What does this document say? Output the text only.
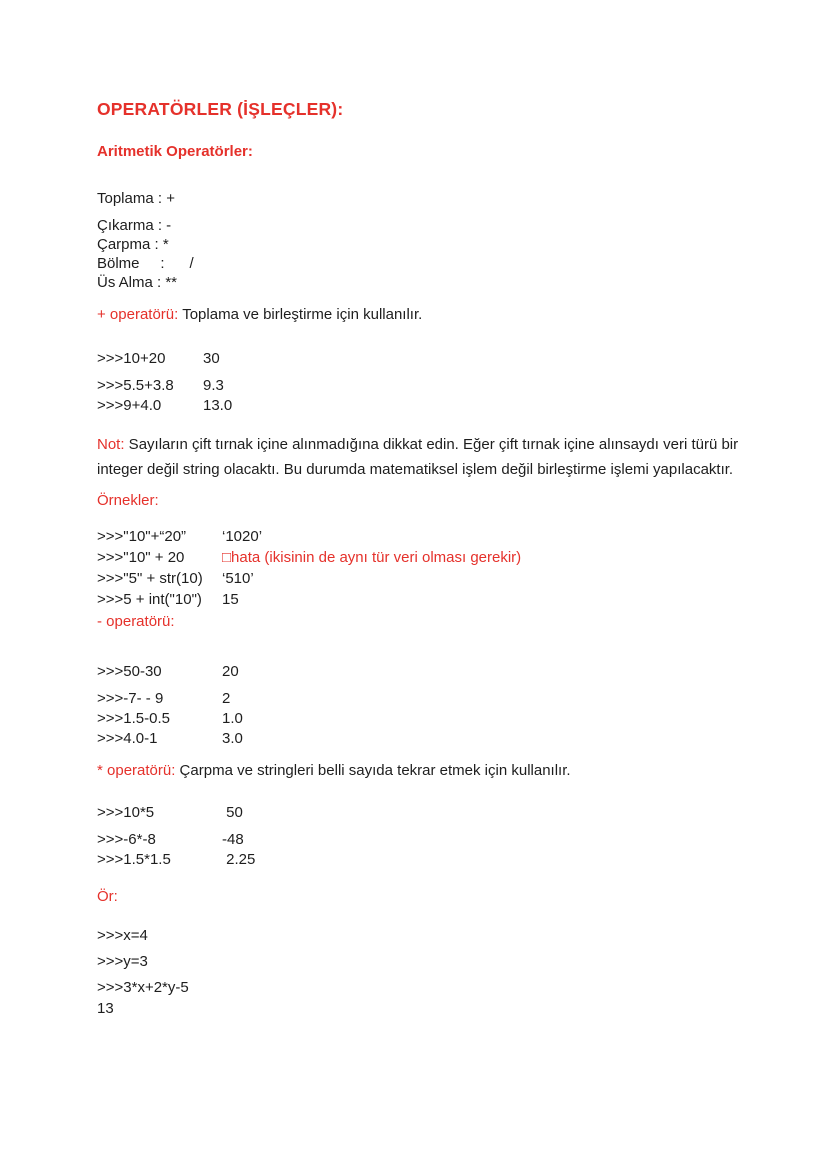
OPERATÖRLER (İŞLEÇLER):
Aritmetik Operatörler:
Toplama : +
Çıkarma : -
Çarpma : *
Bölme     :      /
Üs Alma : **
+ operatörü: Toplama ve birleştirme için kullanılır.
>>>10+20	30
>>>5.5+3.8	9.3
>>>9+4.0	13.0
Not: Sayıların çift tırnak içine alınmadığına dikkat edin. Eğer çift tırnak içine alınsaydı veri türü bir integer değil string olacaktı. Bu durumda matematiksel işlem değil birleştirme işlemi yapılacaktır.
Örnekler:
>>>"10"+“20”	‘1020’
>>>"10" + 20	□hata (ikisinin de aynı tür veri olması gerekir)
>>>"5" + str(10)	‘510’
>>>5 + int("10")	15
- operatörü:
>>>50-30	20
>>>-7- - 9	2
>>>1.5-0.5	1.0
>>>4.0-1	3.0
* operatörü: Çarpma ve stringleri belli sayıda tekrar etmek için kullanılır.
>>>10*5	50
>>>-6*-8	-48
>>>1.5*1.5	2.25
Ör:
>>>x=4
>>>y=3
>>>3*x+2*y-5
13
